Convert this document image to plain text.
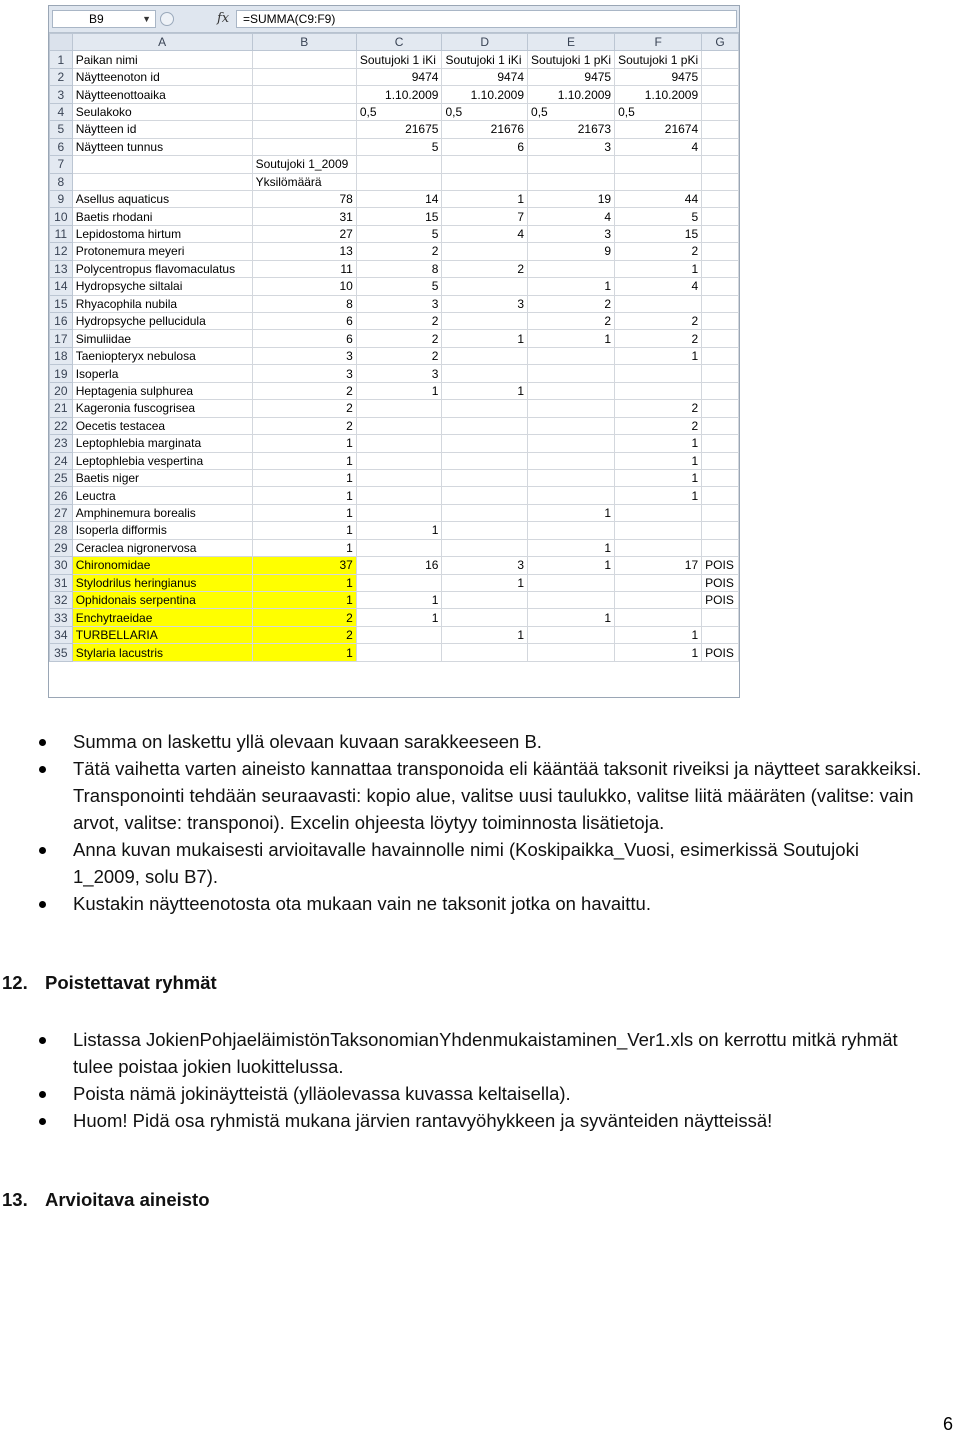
B9	▼	fx	=SUMMA(C9:F9)
	A	B	C	D	E	F	G
1	Paikan nimi		Soutujoki 1 iKi	Soutujoki 1 iKi	Soutujoki 1 pKi	Soutujoki 1 pKi	
2	Näytteenoton id		9474	9474	9475	9475	
3	Näytteenottoaika		1.10.2009	1.10.2009	1.10.2009	1.10.2009	
4	Seulakoko		0,5	0,5	0,5	0,5	
5	Näytteen id		21675	21676	21673	21674	
6	Näytteen tunnus		5	6	3	4	
7		Soutujoki 1_2009					
8		Yksilömäärä					
9	Asellus aquaticus	78	14	1	19	44	
10	Baetis rhodani	31	15	7	4	5	
11	Lepidostoma hirtum	27	5	4	3	15	
12	Protonemura meyeri	13	2		9	2	
13	Polycentropus flavomaculatus	11	8	2		1	
14	Hydropsyche siltalai	10	5		1	4	
15	Rhyacophila nubila	8	3	3	2		
16	Hydropsyche pellucidula	6	2		2	2	
17	Simuliidae	6	2	1	1	2	
18	Taeniopteryx nebulosa	3	2			1	
19	Isoperla	3	3				
20	Heptagenia sulphurea	2	1	1			
21	Kageronia fuscogrisea	2				2	
22	Oecetis testacea	2				2	
23	Leptophlebia marginata	1				1	
24	Leptophlebia vespertina	1				1	
25	Baetis niger	1				1	
26	Leuctra	1				1	
27	Amphinemura borealis	1			1		
28	Isoperla difformis	1	1				
29	Ceraclea nigronervosa	1			1		
30	Chironomidae	37	16	3	1	17	POIS
31	Stylodrilus heringianus	1		1			POIS
32	Ophidonais serpentina	1	1				POIS
33	Enchytraeidae	2	1		1		
34	TURBELLARIA	2		1		1	
35	Stylaria lacustris	1				1	POIS
Summa on laskettu yllä olevaan kuvaan sarakkeeseen B.
Tätä vaihetta varten aineisto kannattaa transponoida eli kääntää taksonit riveiksi ja näytteet sarakkeiksi. Transponointi tehdään seuraavasti: kopio alue, valitse uusi taulukko, valitse liitä määräten (valitse: vain arvot, valitse: transponoi). Excelin ohjeesta löytyy toiminnosta lisätietoja.
Anna kuvan mukaisesti arvioitavalle havainnolle nimi (Koskipaikka_Vuosi, esimerkissä Soutujoki 1_2009, solu B7).
Kustakin näytteenotosta ota mukaan vain ne taksonit jotka on havaittu.
12. Poistettavat ryhmät
Listassa JokienPohjaeläimistönTaksonomianYhdenmukaistaminen_Ver1.xls on kerrottu mitkä ryhmät tulee poistaa jokien luokittelussa.
Poista nämä jokinäytteistä (ylläolevassa kuvassa keltaisella).
Huom! Pidä osa ryhmistä mukana järvien rantavyöhykkeen ja syvänteiden näytteissä!
13. Arvioitava aineisto
6
